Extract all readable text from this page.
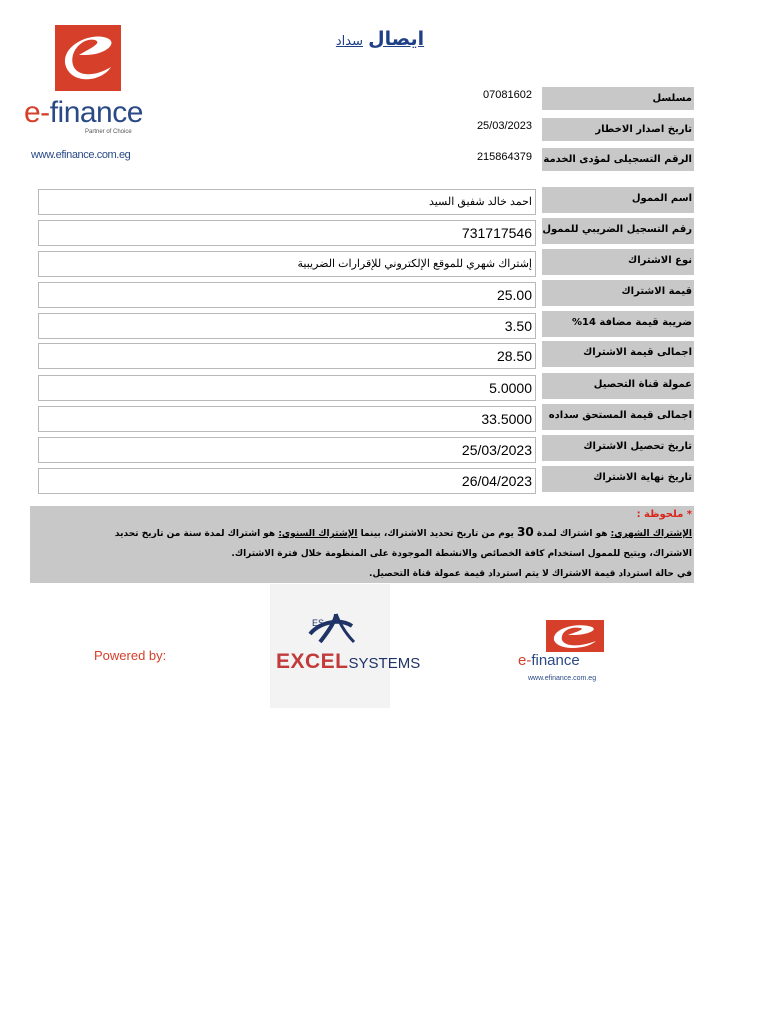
e-finance
Partner of Choice
www.efinance.com.eg
ايصال سداد
مسلسل
07081602
تاريخ اصدار الاخطار
25/03/2023
الرقم التسجيلى لمؤدى الخدمة
215864379
احمد خالد شفيق السيد	اسم الممول
731717546	رقم التسجيل الضريبي للممول
إشتراك شهري للموقع الإلكتروني للإقرارات الضريبية	نوع الاشتراك
25.00	قيمة الاشتراك
3.50	ضريبة قيمة مضافة 14%
28.50	اجمالى قيمة الاشتراك
5.0000	عمولة قناة التحصيل
33.5000	اجمالى قيمة المستحق سداده
25/03/2023	تاريخ تحصيل الاشتراك
26/04/2023	تاريخ نهاية الاشتراك
* ملحوظة :

الإشتراك الشهري: هو اشتراك لمدة 30 يوم من تاريخ تحديد الاشتراك، بينما الإشتراك السنوي: هو اشتراك لمدة سنة من تاريخ تحديد

الاشتراك، ويتيح للممول استخدام كافة الخصائص والانشطة الموجودة على المنظومة خلال فترة الاشتراك.

في حالة استرداد قيمة الاشتراك لا يتم استرداد قيمة عمولة قناة التحصيل.

Powered by:
ES
EXCELSYSTEMS	e-finance
www.efinance.com.eg
